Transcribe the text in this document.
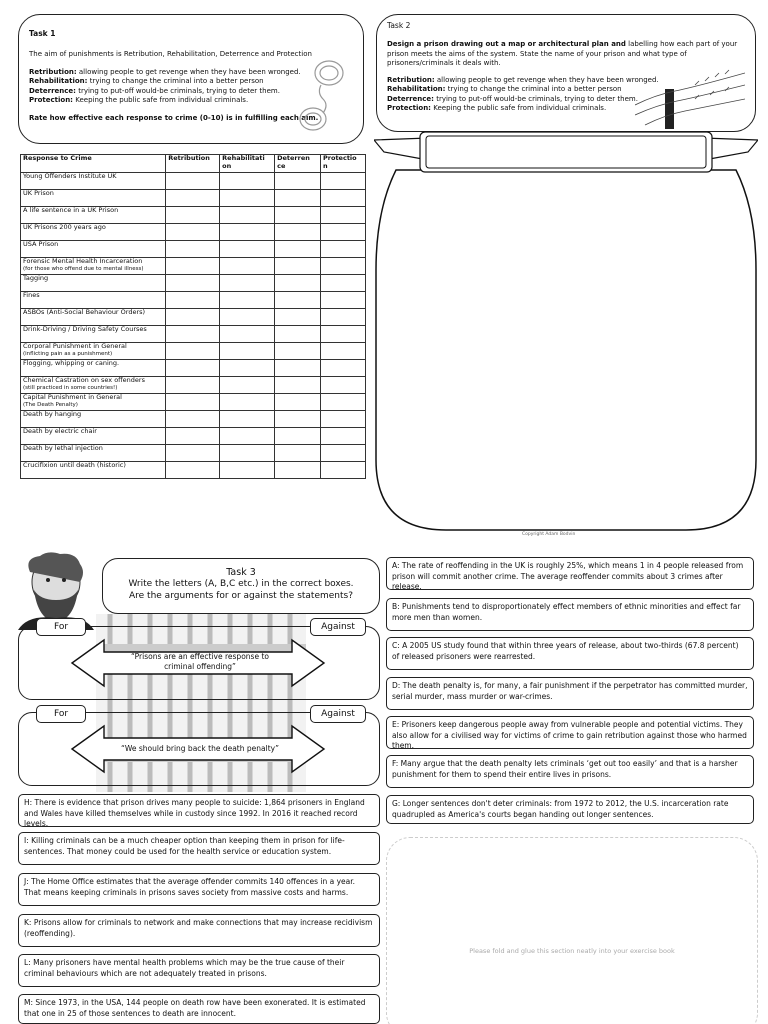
Task 1

The aim of punishments is Retribution, Rehabilitation, Deterrence and Protection

Retribution: allowing people to get revenge when they have been wronged.

Rehabilitation: trying to change the criminal into a better person

Deterrence: trying to put-off would-be criminals, trying to deter them.

Protection: Keeping the public safe from individual criminals.

Rate how effective each response to crime (0-10) is in fulfilling each aim.

Task 2

Design a prison drawing out a map or architectural plan and labelling how each part of your prison meets the aims of the system. State the name of your prison and what type of prisoners/criminals it deals with.

Retribution: allowing people to get revenge when they have been wronged.

Rehabilitation: trying to change the criminal into a better person

Deterrence: trying to put-off would-be criminals, trying to deter them.

Protection: Keeping the public safe from individual criminals.

Response to Crime	Retribution	Rehabilitati on	Deterren ce	Protectio n
Young Offenders Institute UK				
UK Prison				
A life sentence in a UK Prison				
UK Prisons 200 years ago				
USA Prison				
Forensic Mental Health Incarceration
(for those who offend due to mental illness)				

Tagging				
Fines				
ASBOs (Anti-Social Behaviour Orders)				
Drink-Driving / Driving Safety Courses				
Corporal Punishment in General
(inflicting pain as a punishment)				

Flogging, whipping or caning.				
Chemical Castration on sex offenders
(still practiced in some countries!)				

Capital Punishment in General
(The Death Penalty)				

Death by hanging				
Death by electric chair				
Death by lethal injection				
Crucifixion until death (historic)				
Copyright Adam Bodvin
Task 3

Write the letters (A, B,C etc.) in the correct boxes.

Are the arguments for or against the statements?

“Prisons are an effective response to criminal offending”
“We should bring back the death penalty”
For	Against
For	Against
A: The rate of reoffending in the UK is roughly 25%, which means 1 in 4 people released from prison will commit another crime. The average reoffender commits about 3 crimes after release.
B: Punishments tend to disproportionately effect members of ethnic minorities and effect far more men than women.
C: A 2005 US study found that within three years of release, about two-thirds (67.8 percent) of released prisoners were rearrested.
D: The death penalty is, for many, a fair punishment if the perpetrator has committed murder, serial murder, mass murder or war-crimes.
E: Prisoners keep dangerous people away from vulnerable people and potential victims. They also allow for a civilised way for victims of crime to gain retribution against those who harmed them.
F: Many argue that the death penalty lets criminals ‘get out too easily’ and that is a harsher punishment for them to spend their entire lives in prisons.
G: Longer sentences don't deter criminals: from 1972 to 2012, the U.S. incarceration rate quadrupled as America's courts began handing out longer sentences.
H: There is evidence that prison drives many people to suicide: 1,864 prisoners in England and Wales have killed themselves while in custody since 1992. In 2016 it reached record levels.
I: Killing criminals can be a much cheaper option than keeping them in prison for life-sentences. That money could be used for the health service or education system.
J: The Home Office estimates that the average offender commits 140 offences in a year. That means keeping criminals in prisons saves society from massive costs and harms.
K: Prisons allow for criminals to network and make connections that may increase recidivism (reoffending).
L: Many prisoners have mental health problems which may be the true cause of their criminal behaviours which are not adequately treated in prisons.
M: Since 1973, in the USA, 144 people on death row have been exonerated. It is estimated that one in 25 of those sentences to death are innocent.
Please fold and glue this section neatly into your exercise book
